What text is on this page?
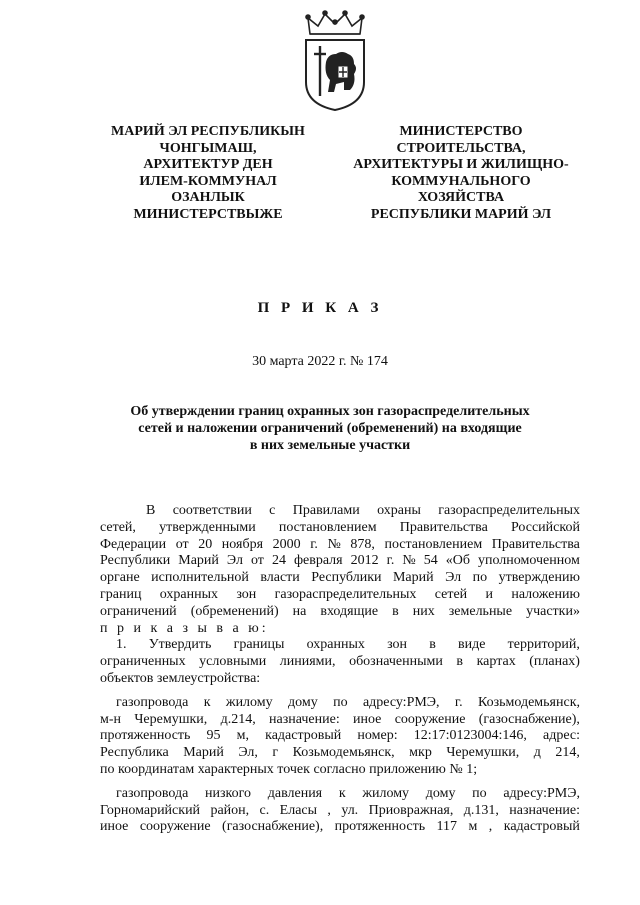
МАРИЙ ЭЛ РЕСПУБЛИКЫН
ЧОНГЫМАШ,
АРХИТЕКТУР ДЕН
ИЛЕМ-КОММУНАЛ
ОЗАНЛЫК
МИНИСТЕРСТВЫЖЕ
МИНИСТЕРСТВО
СТРОИТЕЛЬСТВА,
АРХИТЕКТУРЫ И ЖИЛИЩНО-
КОММУНАЛЬНОГО
ХОЗЯЙСТВА
РЕСПУБЛИКИ МАРИЙ ЭЛ
П Р И К А З
30 марта 2022 г. № 174
Об утверждении границ охранных зон газораспределительных
сетей и наложении ограничений (обременений) на входящие
в них земельные участки
В соответствии с Правилами охраны газораспределительных
сетей, утвержденными постановлением Правительства Российской
Федерации от 20 ноября 2000 г. № 878, постановлением Правительства
Республики Марий Эл от 24 февраля 2012 г. № 54 «Об уполномоченном
органе исполнительной власти Республики Марий Эл по утверждению
границ охранных зон газораспределительных сетей и наложению
ограничений (обременений) на входящие в них земельные участки»
п р и к а з ы в а ю:
1. Утвердить границы охранных зон в виде территорий,
ограниченных условными линиями, обозначенными в картах (планах)
объектов землеустройства:
газопровода к жилому дому по адресу:РМЭ, г. Козьмодемьянск,
м-н Черемушки, д.214, назначение: иное сооружение (газоснабжение),
протяженность 95 м, кадастровый номер: 12:17:0123004:146, адрес:
Республика Марий Эл, г Козьмодемьянск, мкр Черемушки, д 214,
по координатам характерных точек согласно приложению № 1;
газопровода низкого давления к жилому дому по адресу:РМЭ,
Горномарийский район, с. Еласы , ул. Приовражная, д.131, назначение:
иное сооружение (газоснабжение), протяженность 117 м , кадастровый
